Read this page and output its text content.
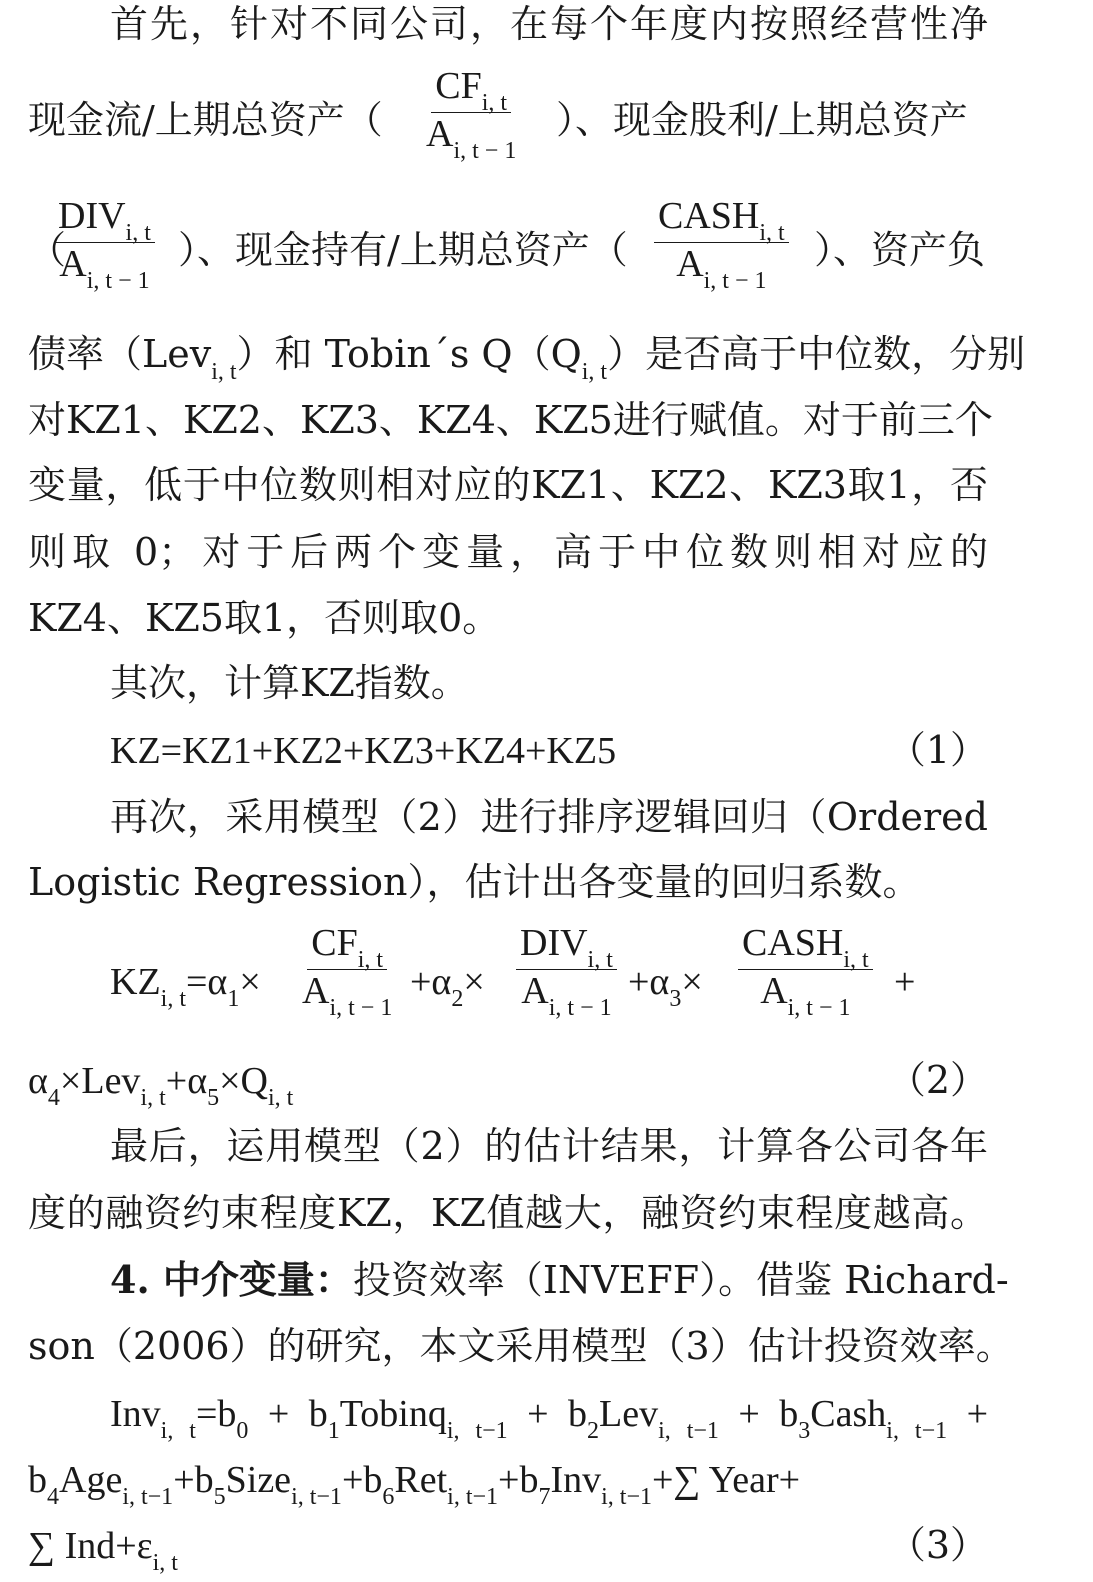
首先，针对不同公司，在每个年度内按照经营性净
现金流/上期总资产（
$CF_{i, t}$
$A_{i, t - 1}$
）、现金股利/上期总资产
（
$DIV_{i, t}$
$A_{i, t - 1}$
）、现金持有/上期总资产（
$CASH_{i, t}$
$A_{i, t - 1}$
）、资产负
债率（Lev$_{i, t}$）和 Tobin´s $Q(Q_{i, t})$是否高于中位数，分别
对KZ1、KZ2、KZ3、KZ4、KZ5进行赋值。对于前三个
变量，低于中位数则相对应的KZ1、KZ2、KZ3取1，否
则取 0；对于后两个变量，高于中位数则相对应的
KZ4、KZ5取1，否则取0。
其次，计算KZ指数。
KZ=KZ1+KZ2+KZ3+KZ4+KZ5	（1）
再次，采用模型（2）进行排序逻辑回归（Ordered
Logistic Regression），估计出各变量的回归系数。
$KZ_{i, t}=\alpha_1\times$
$CF_{i, t}$
$A_{i, t - 1}$
$+\alpha_2\times$
$DIV_{i, t}$
$A_{i, t - 1}$
$+\alpha_3\times$
$CASH_{i, t}$
$A_{i, t - 1}$
+
$\alpha_4\times Lev_{i, t}+\alpha_5\times Q_{i, t}$	（2）
最后，运用模型（2）的估计结果，计算各公司各年
度的融资约束程度KZ，KZ值越大，融资约束程度越高。
4. 中介变量：投资效率（INVEFF）。借鉴 Richard-
son（2006）的研究，本文采用模型（3）估计投资效率。
$Inv_{i, t}=b_0$ + $b_1Tobinq_{i, t-1} + b_2Lev_{i, t-1}$ + $b_3Cash_{i, t-1}$ +
$b_4Age_{i, t-1}+b_5Size_{i, t-1}+b_6Ret_{i, t-1}+b_7Inv_{i, t-1}+\sum$ Year+
∑ $Ind+\varepsilon_{i, t}$	（3）
